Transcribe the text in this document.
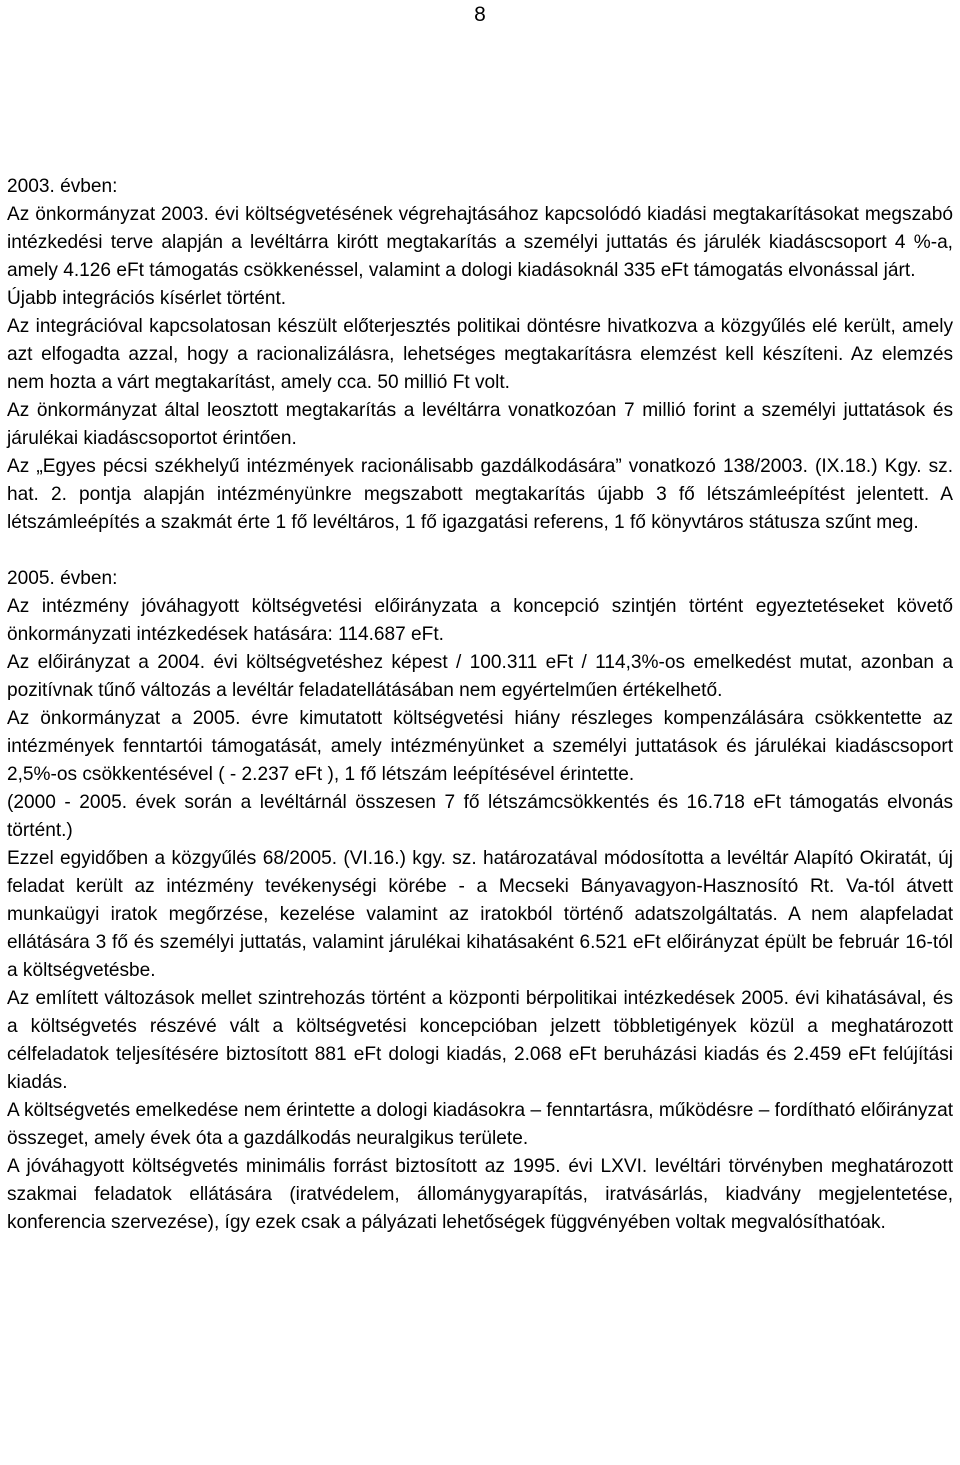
8

2003. évben:

Az önkormányzat 2003. évi költségvetésének végrehajtásához kapcsolódó kiadási megtakarításokat megszabó intézkedési terve alapján a levéltárra kirótt megtakarítás a személyi juttatás és járulék kiadáscsoport 4 %-a, amely 4.126 eFt támogatás csökkenéssel, valamint a dologi kiadásoknál 335 eFt támogatás elvonással járt.

Újabb integrációs kísérlet történt.

Az integrációval kapcsolatosan készült előterjesztés politikai döntésre hivatkozva a közgyűlés elé került, amely azt elfogadta azzal, hogy a racionalizálásra, lehetséges megtakarításra elemzést kell készíteni. Az elemzés nem hozta a várt megtakarítást, amely cca. 50 millió Ft volt.

Az önkormányzat által leosztott megtakarítás a levéltárra vonatkozóan 7 millió forint a személyi juttatások és járulékai kiadáscsoportot érintően.

Az „Egyes pécsi székhelyű intézmények racionálisabb gazdálkodására” vonatkozó 138/2003. (IX.18.) Kgy. sz. hat. 2. pontja alapján intézményünkre megszabott megtakarítás újabb 3 fő létszámleépítést jelentett. A létszámleépítés a szakmát érte 1 fő levéltáros, 1 fő igazgatási referens, 1 fő könyvtáros státusza szűnt meg.

2005. évben:

Az intézmény jóváhagyott költségvetési előirányzata a koncepció szintjén történt egyeztetéseket követő önkormányzati intézkedések hatására: 114.687 eFt.

Az előirányzat a 2004. évi költségvetéshez képest / 100.311 eFt / 114,3%-os emelkedést mutat, azonban a pozitívnak tűnő változás a levéltár feladatellátásában nem egyértelműen értékelhető.

Az önkormányzat a 2005. évre kimutatott költségvetési hiány részleges kompenzálására csökkentette az intézmények fenntartói támogatását, amely intézményünket a személyi juttatások és járulékai kiadáscsoport 2,5%-os csökkentésével ( - 2.237 eFt ), 1 fő létszám leépítésével érintette.

(2000 - 2005. évek során a levéltárnál összesen 7 fő létszámcsökkentés és 16.718 eFt támogatás elvonás történt.)

Ezzel egyidőben a közgyűlés 68/2005. (VI.16.) kgy. sz. határozatával módosította a levéltár Alapító Okiratát, új feladat került az intézmény tevékenységi körébe - a Mecseki Bányavagyon-Hasznosító Rt. Va-tól átvett munkaügyi iratok megőrzése, kezelése valamint az iratokból történő adatszolgáltatás. A nem alapfeladat ellátására 3 fő és személyi juttatás, valamint járulékai kihatásaként 6.521 eFt előirányzat épült be február 16-tól a költségvetésbe.

Az említett változások mellet szintrehozás történt a központi bérpolitikai intézkedések 2005. évi kihatásával, és a költségvetés részévé vált a költségvetési koncepcióban jelzett többletigények közül a meghatározott célfeladatok teljesítésére biztosított 881 eFt dologi kiadás, 2.068 eFt beruházási kiadás és 2.459 eFt felújítási kiadás.

A költségvetés emelkedése nem érintette a dologi kiadásokra – fenntartásra, működésre – fordítható előirányzat összeget, amely évek óta a gazdálkodás neuralgikus területe.

A jóváhagyott költségvetés minimális forrást biztosított az 1995. évi LXVI. levéltári törvényben meghatározott szakmai feladatok ellátására (iratvédelem, állománygyarapítás, iratvásárlás, kiadvány megjelentetése, konferencia szervezése), így ezek csak a pályázati lehetőségek függvényében voltak megvalósíthatóak.
